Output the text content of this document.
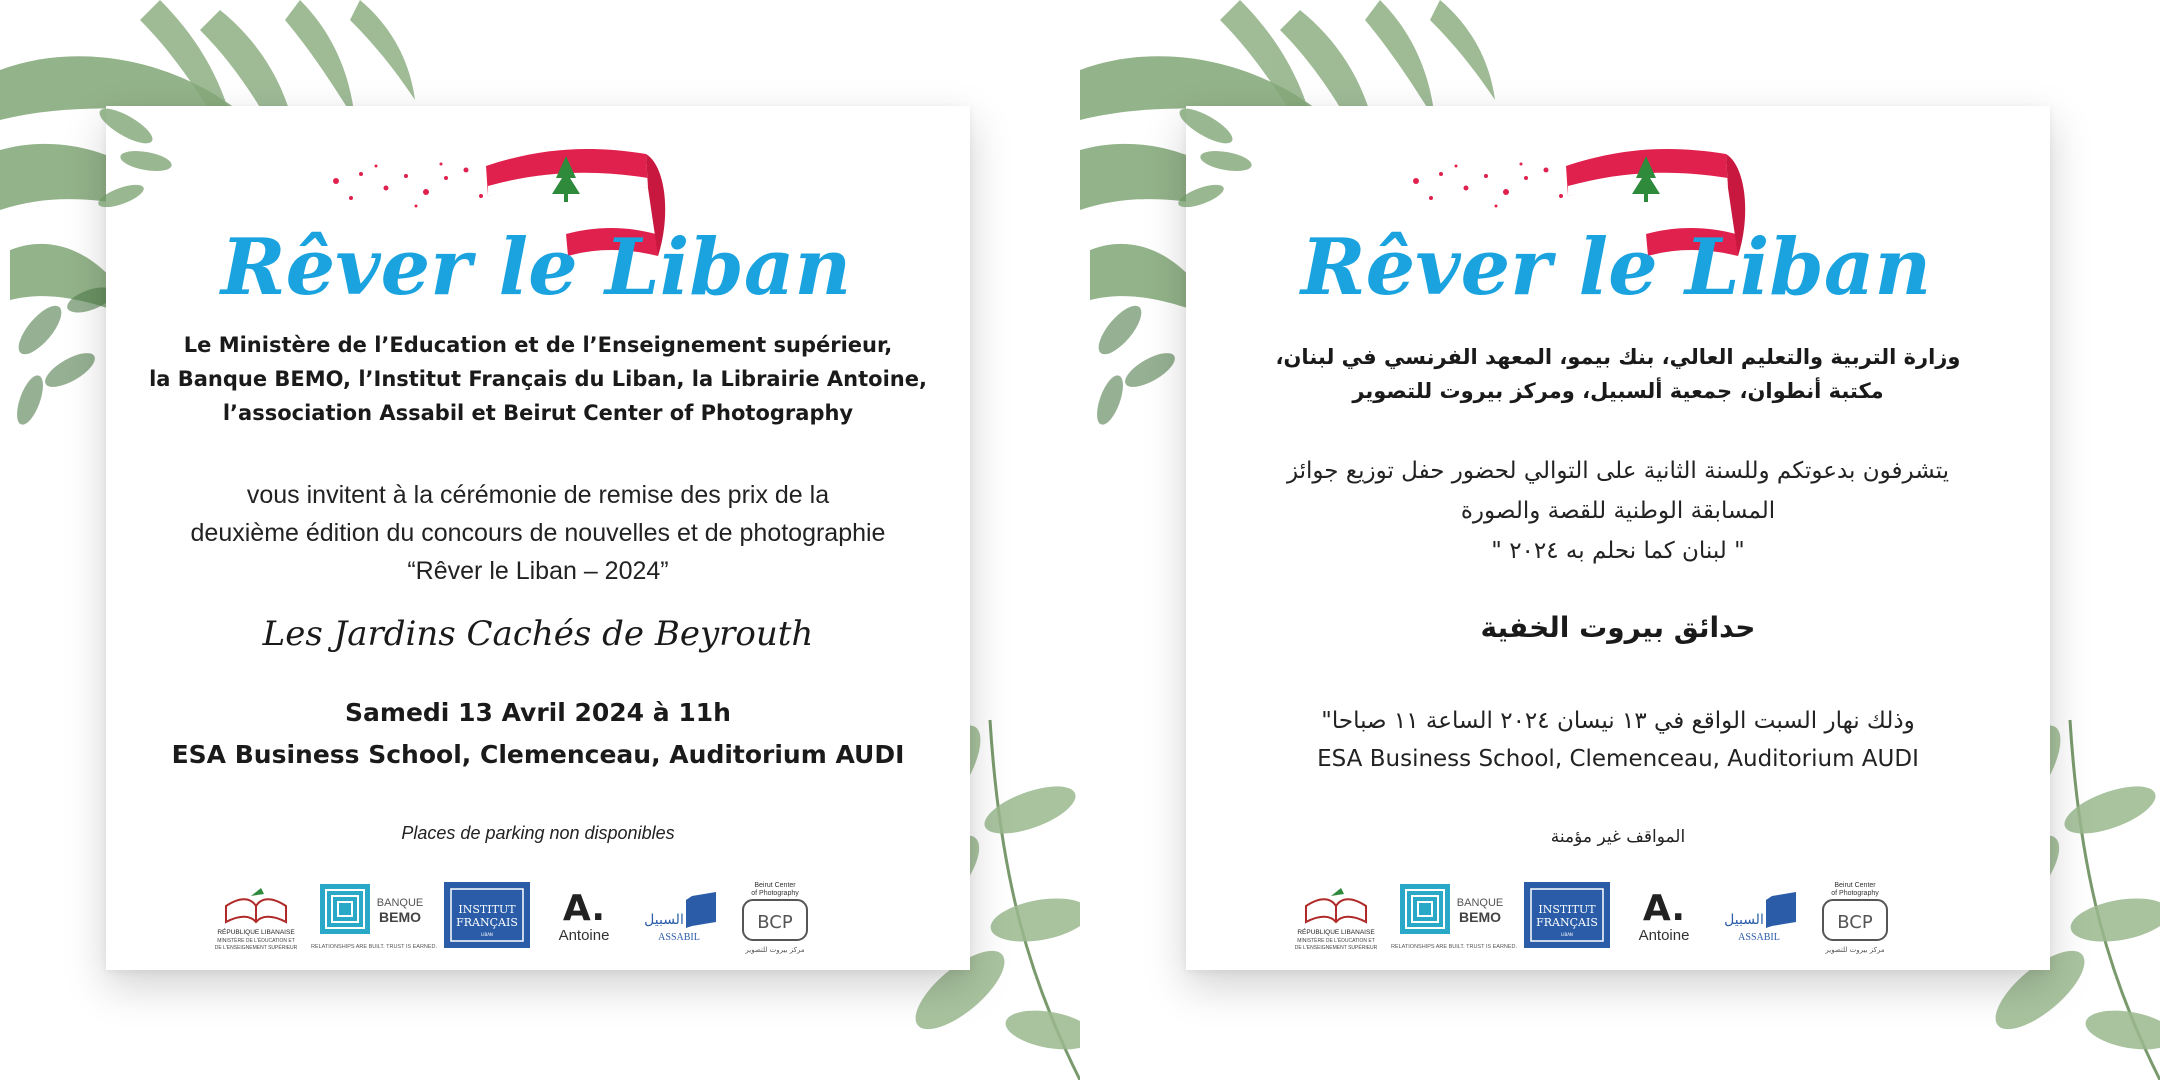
Rêver le Liban
Le Ministère de l’Education et de l’Enseignement supérieur,
la Banque BEMO, l’Institut Français du Liban, la Librairie Antoine,
l’association Assabil et Beirut Center of Photography
vous invitent à la cérémonie de remise des prix de la
deuxième édition du concours de nouvelles et de photographie
“Rêver le Liban – 2024”
Les Jardins Cachés de Beyrouth
Samedi 13 Avril 2024 à 11h
ESA Business School, Clemenceau, Auditorium AUDI
Places de parking non disponibles
RÉPUBLIQUE LIBANAISE
MINISTÈRE DE L'ÉDUCATION ET
DE L'ENSEIGNEMENT SUPÉRIEUR
BANQUE
BEMO
RELATIONSHIPS ARE BUILT. TRUST IS EARNED.
INSTITUT
FRANÇAIS
LIBAN
A.
Antoine
السبيل
ASSABIL
Beirut Center
of Photography
BCP
مركز بيروت للتصوير
Rêver le Liban
وزارة التربية والتعليم العالي، بنك بيمو، المعهد الفرنسي في لبنان،
مكتبة أنطوان، جمعية ألسبيل، ومركز بيروت للتصوير
يتشرفون بدعوتكم وللسنة الثانية على التوالي لحضور حفل توزيع جوائز
المسابقة الوطنية للقصة والصورة
" لبنان كما نحلم به ٢٠٢٤ "
حدائق بيروت الخفية
وذلك نهار السبت الواقع في ١٣ نيسان ٢٠٢٤ الساعة ١١ صباحا"
ESA Business School, Clemenceau, Auditorium AUDI
المواقف غير مؤمنة
RÉPUBLIQUE LIBANAISE
MINISTÈRE DE L'ÉDUCATION ET
DE L'ENSEIGNEMENT SUPÉRIEUR
BANQUE
BEMO
RELATIONSHIPS ARE BUILT. TRUST IS EARNED.
INSTITUT
FRANÇAIS
LIBAN
A.
Antoine
السبيل
ASSABIL
Beirut Center
of Photography
BCP
مركز بيروت للتصوير
